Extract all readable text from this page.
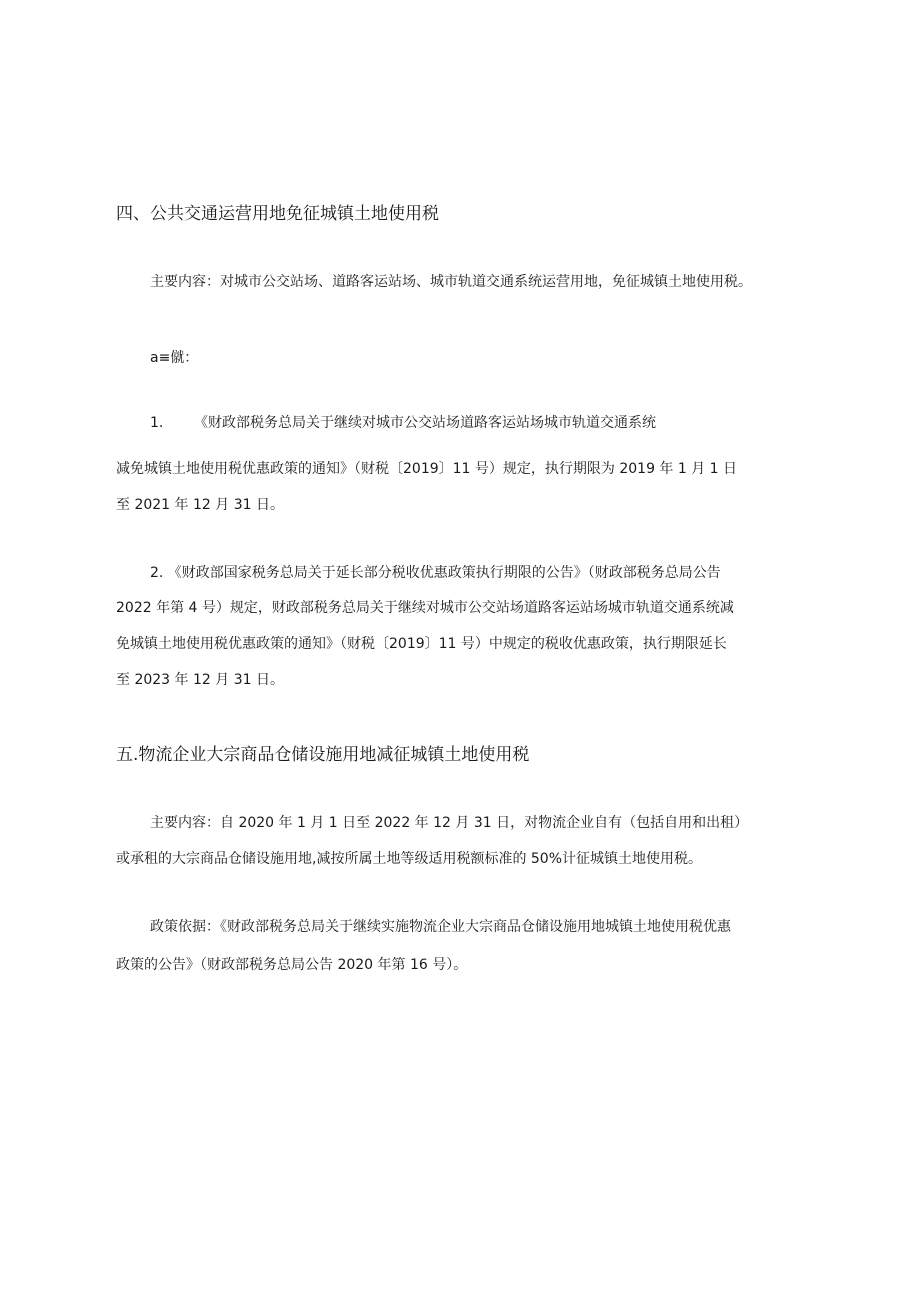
四、公共交通运营用地免征城镇土地使用税
主要内容：对城市公交站场、道路客运站场、城市轨道交通系统运营用地，免征城镇土地使用税。
a≡僦：
1. 《财政部税务总局关于继续对城市公交站场道路客运站场城市轨道交通系统
减免城镇土地使用税优惠政策的通知》（财税〔2019〕11 号）规定，执行期限为 2019 年 1 月 1 日
至 2021 年 12 月 31 日。
2. 《财政部国家税务总局关于延长部分税收优惠政策执行期限的公告》（财政部税务总局公告
2022 年第 4 号）规定，财政部税务总局关于继续对城市公交站场道路客运站场城市轨道交通系统减
免城镇土地使用税优惠政策的通知》（财税〔2019〕11 号）中规定的税收优惠政策，执行期限延长
至 2023 年 12 月 31 日。
五.物流企业大宗商品仓储设施用地减征城镇土地使用税
主要内容：自 2020 年 1 月 1 日至 2022 年 12 月 31 日，对物流企业自有（包括自用和出租）
或承租的大宗商品仓储设施用地,减按所属土地等级适用税额标准的 50%计征城镇土地使用税。
政策依据：《财政部税务总局关于继续实施物流企业大宗商品仓储设施用地城镇土地使用税优惠
政策的公告》（财政部税务总局公告 2020 年第 16 号）。
